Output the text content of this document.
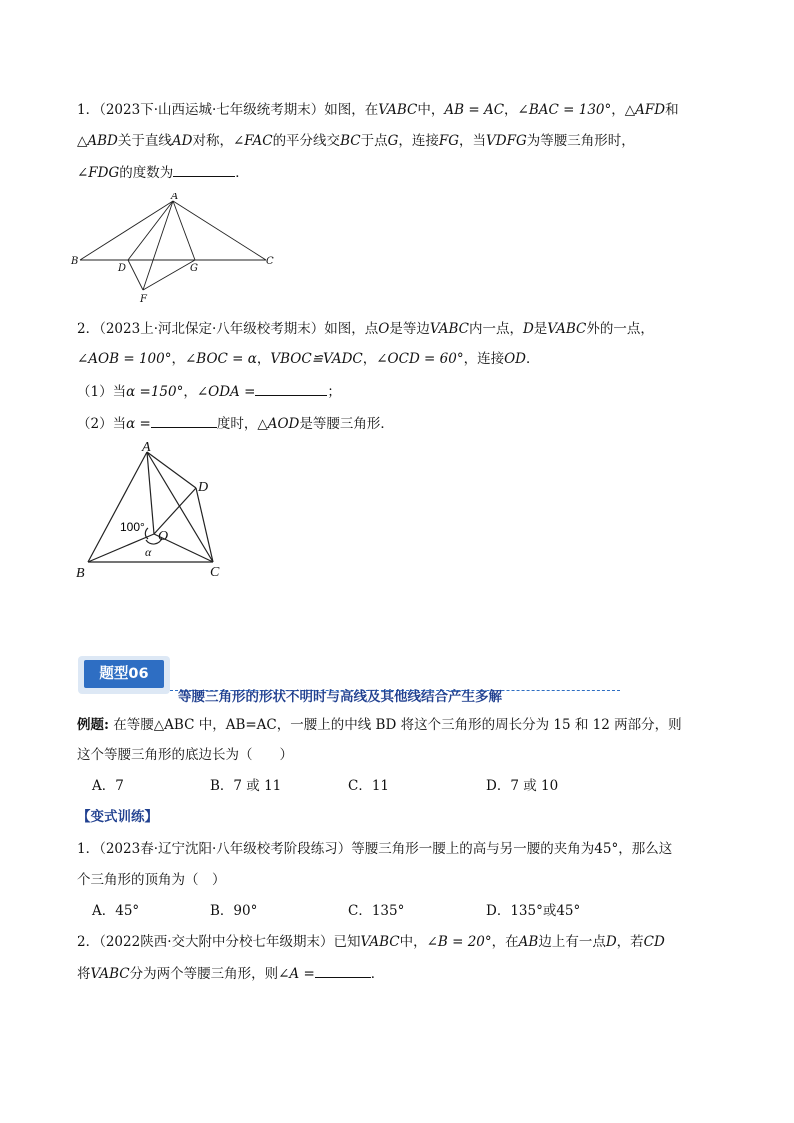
1．（2023下·山西运城·七年级统考期末）如图，在VABC中，AB = AC，∠BAC = 130°，△AFD和
△ABD关于直线AD对称，∠FAC的平分线交BC于点G，连接FG，当VDFG为等腰三角形时，
∠FDG的度数为	．
A
B	C
D	G
F
2．（2023上·河北保定·八年级校考期末）如图，点O是等边VABC内一点，D是VABC外的一点，
∠AOB = 100°，∠BOC = α，VBOC≌VADC，∠OCD = 60°，连接OD．
（1）当α =150°，∠ODA =	；
（2）当α =	度时，△AOD是等腰三角形．
A
B	C
D
O
100°
α
题型06
等腰三角形的形状不明时与高线及其他线结合产生多解
例题: 在等腰△ABC 中，AB=AC，一腰上的中线 BD 将这个三角形的周长分为 15 和 12 两部分，则
这个等腰三角形的底边长为（　　）
A．7	B．7 或 11	C．11	D．7 或 10
【变式训练】
1．（2023春·辽宁沈阳·八年级校考阶段练习）等腰三角形一腰上的高与另一腰的夹角为45°，那么这
个三角形的顶角为（　）
A．45°	B．90°	C．135°	D．135°或45°
2．（2022陕西·交大附中分校七年级期末）已知VABC中，∠B = 20°，在AB边上有一点D，若CD
将VABC分为两个等腰三角形，则∠A =	．
